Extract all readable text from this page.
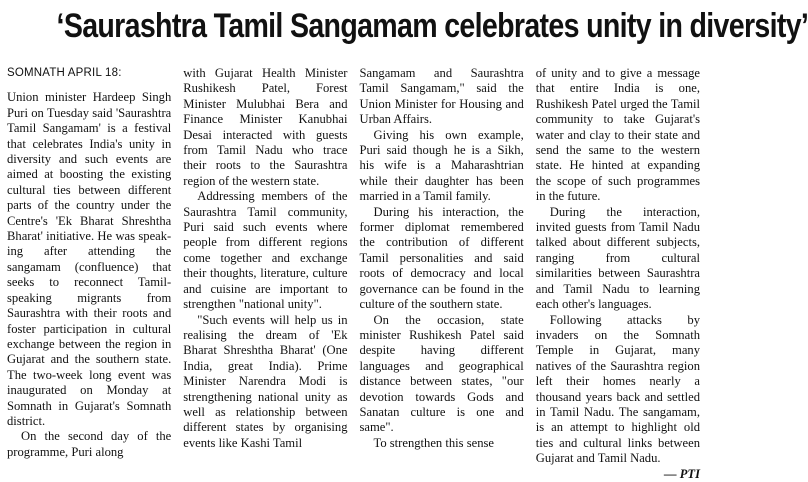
‘Saurashtra Tamil Sangamam celebrates unity in diversity’
SOMNATH APRIL 18:

Union minister Hardeep Singh Puri on Tuesday said 'Saurashtra Tamil Sangamam' is a festival that celebrates India's unity in diversity and such events are aimed at boosting the existing cultural ties between different parts of the country under the Centre's 'Ek Bharat Shreshtha Bharat' initiative. He was speaking after attending the sangamam (confluence) that seeks to reconnect Tamil-speaking migrants from Saurashtra with their roots and foster participation in cultural exchange between the region in Gujarat and the southern state. The two-week long event was inaugurated on Monday at Somnath in Gujarat's Somnath district.

On the second day of the programme, Puri along

with Gujarat Health Minister Rushikesh Patel, Forest Minister Mulubhai Bera and Finance Minister Kanubhai Desai interacted with guests from Tamil Nadu who trace their roots to the Saurashtra region of the western state.

Addressing members of the Saurashtra Tamil community, Puri said such events where people from different regions come together and exchange their thoughts, literature, culture and cuisine are important to strengthen "national unity".

"Such events will help us in realising the dream of 'Ek Bharat Shreshtha Bharat' (One India, great India). Prime Minister Narendra Modi is strengthening national unity as well as relationship between different states by organising events like Kashi Tamil

Sangamam and Saurashtra Tamil Sangamam," said the Union Minister for Housing and Urban Affairs.

Giving his own example, Puri said though he is a Sikh, his wife is a Maharashtrian while their daughter has been married in a Tamil family.

During his interaction, the former diplomat remembered the contribution of different Tamil personalities and said roots of democracy and local governance can be found in the culture of the southern state.

On the occasion, state minister Rushikesh Patel said despite having different languages and geographical distance between states, "our devotion towards Gods and Sanatan culture is one and same".

To strengthen this sense

of unity and to give a message that entire India is one, Rushikesh Patel urged the Tamil community to take Gujarat's water and clay to their state and send the same to the western state. He hinted at expanding the scope of such programmes in the future.

During the interaction, invited guests from Tamil Nadu talked about different subjects, ranging from cultural similarities between Saurashtra and Tamil Nadu to learning each other's languages.

Following attacks by invaders on the Somnath Temple in Gujarat, many natives of the Saurashtra region left their homes nearly a thousand years back and settled in Tamil Nadu. The sangamam, is an attempt to highlight old ties and cultural links between Gujarat and Tamil Nadu.
— PTI
